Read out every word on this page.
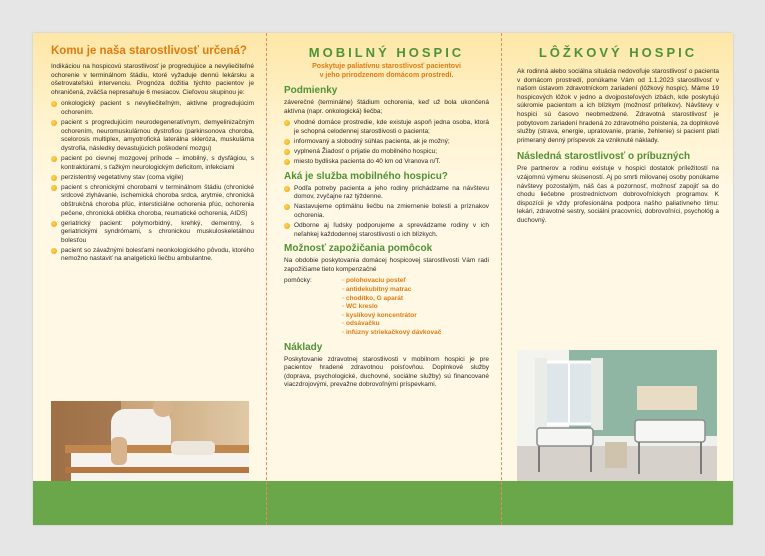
Komu je naša starostlivosť určená?

Indikáciou na hospicovú starostlivosť je progredujúce a nevyliečiteľné ochorenie v terminálnom štádiu, ktoré vyžaduje dennú lekársku a ošetrovateľskú intervenciu. Prognóza dožitia týchto pacientov je ohraničená, zväčša nepresahuje 6 mesiacov. Cieľovou skupinou je:

onkologický pacient s nevyliečiteľným, aktívne progredujúcim ochorením.
pacient s progredujúcim neurodegeneratívnym, demyelinizačným ochorením, neuromuskulárnou dystrofiou (parkinsonova choroba, scelorosis multiplex, amyotrofická laterálna skleróza, muskulárna dystrofia, následky devastujúcich poškodení mozgu)
pacient po cievnej mozgovej príhode – imobilný, s dysfágiou, s kontraktúrami, s ťažkým neurologickým deficitom, infekciami
perzistentný vegetatívny stav (coma vigile)
pacient s chronickými chorobami v terminálnom štádiu (chronické srdcové zlyhávanie, ischemická choroba srdca, arytmie, chronická obštrukčná choroba pľúc, intersticiálne ochorenia pľúc, ochorenia pečene, chronická oblička choroba, reumatické ochorenia, AIDS)
geriatrický pacient: polymorbidný, krehký, dementný, s geriatrickými syndrómami, s chronickou muskuloskeletálnou bolesťou
pacient so závažnými bolesťami neonkologického pôvodu, ktorého nemožno nastaviť na analgetickú liečbu ambulantne.
MOBILNÝ HOSPIC
Poskytuje paliatívnu starostlivosť pacientovi
v jeho prirodzenom domácom prostredí.
Podmienky

záverečné (terminálne) štádium ochorenia, keď už bola ukončená aktívna (napr. onkologická) liečba;

vhodné domáce prostredie, kde existuje aspoň jedna osoba, ktorá je schopná celodennej starostlivosti o pacienta;
informovaný a slobodný súhlas pacienta, ak je možný;
vyplnená Žiadosť o prijatie do mobilného hospicu;
miesto bydliska pacienta do 40 km od Vranova n/T.
Aká je služba mobilného hospicu?
Podľa potreby pacienta a jeho rodiny prichádzame na návštevu domov, zvyčajne raz týždenne.
Nastavujeme optimálnu liečbu na zmiernenie bolesti a príznakov ochorenia.
Odborne aj ľudsky podporujeme a sprevádzame rodiny v ich neľahkej každodennej starostlivosti o ich blízkych.
Možnosť zapožičania pomôcok

Na obdobie poskytovania domácej hospicovej starostlivosti Vám radi zapožičiame tieto kompenzačné

pomôcky:
·	polohovaciu posteľ
· antidekubitný matrac
· chodítko, G aparát
· WC kreslo
· kyslíkový koncentrátor
· odsávačku
· infúzny striekačkový dávkovač
Náklady

Poskytovanie zdravotnej starostlivosti v mobilnom hospici je pre pacientov hradené zdravotnou poisťovňou. Doplnkové služby (doprava, psychologické, duchovné, sociálne služby) sú financované viaczdrojovými, prevažne dobrovoľnými príspevkami.

LÔŽKOVÝ HOSPIC

Ak rodinná alebo sociálna situácia nedovoľuje starostlivosť o pacienta v domácom prostredí, ponúkame Vám od 1.1.2023 starostlivosť v našom ústavom zdravotníckom zariadení (lôžkový hospic). Máme 19 hospicových lôžok v jedno a dvojposteľových izbách, kde poskytujú súkromie pacientom a ich blízkym (možnosť prítelkov). Návštevy v hospici sú časovo neobmedzené. Zdravotná starostlivosť je pobytovom zariadení hradená zo zdravotného poistenia, za doplnkové služby (strava, energie, upratovanie, pranie, žehlenie) si pacient platí primeraný denný príspevok za vzniknuté náklady.

Následná starostlivosť o príbuzných

Pre partnerov a rodinu existuje v hospici dostatok príležitostí na vzájomnú výmenu skúseností. Aj po smrti milovanej osoby ponúkame návštevy pozostalým, náš čas a pozornosť, možnosť zapojiť sa do chodu liečebne prostredníctvom dobrovoľníckych programov. K dispozícii je vždy profesionálna podpora našho paliatívneho tímu: lekári, zdravotné sestry, sociálni pracovníci, dobrovoľníci, psychológ a duchovný.
